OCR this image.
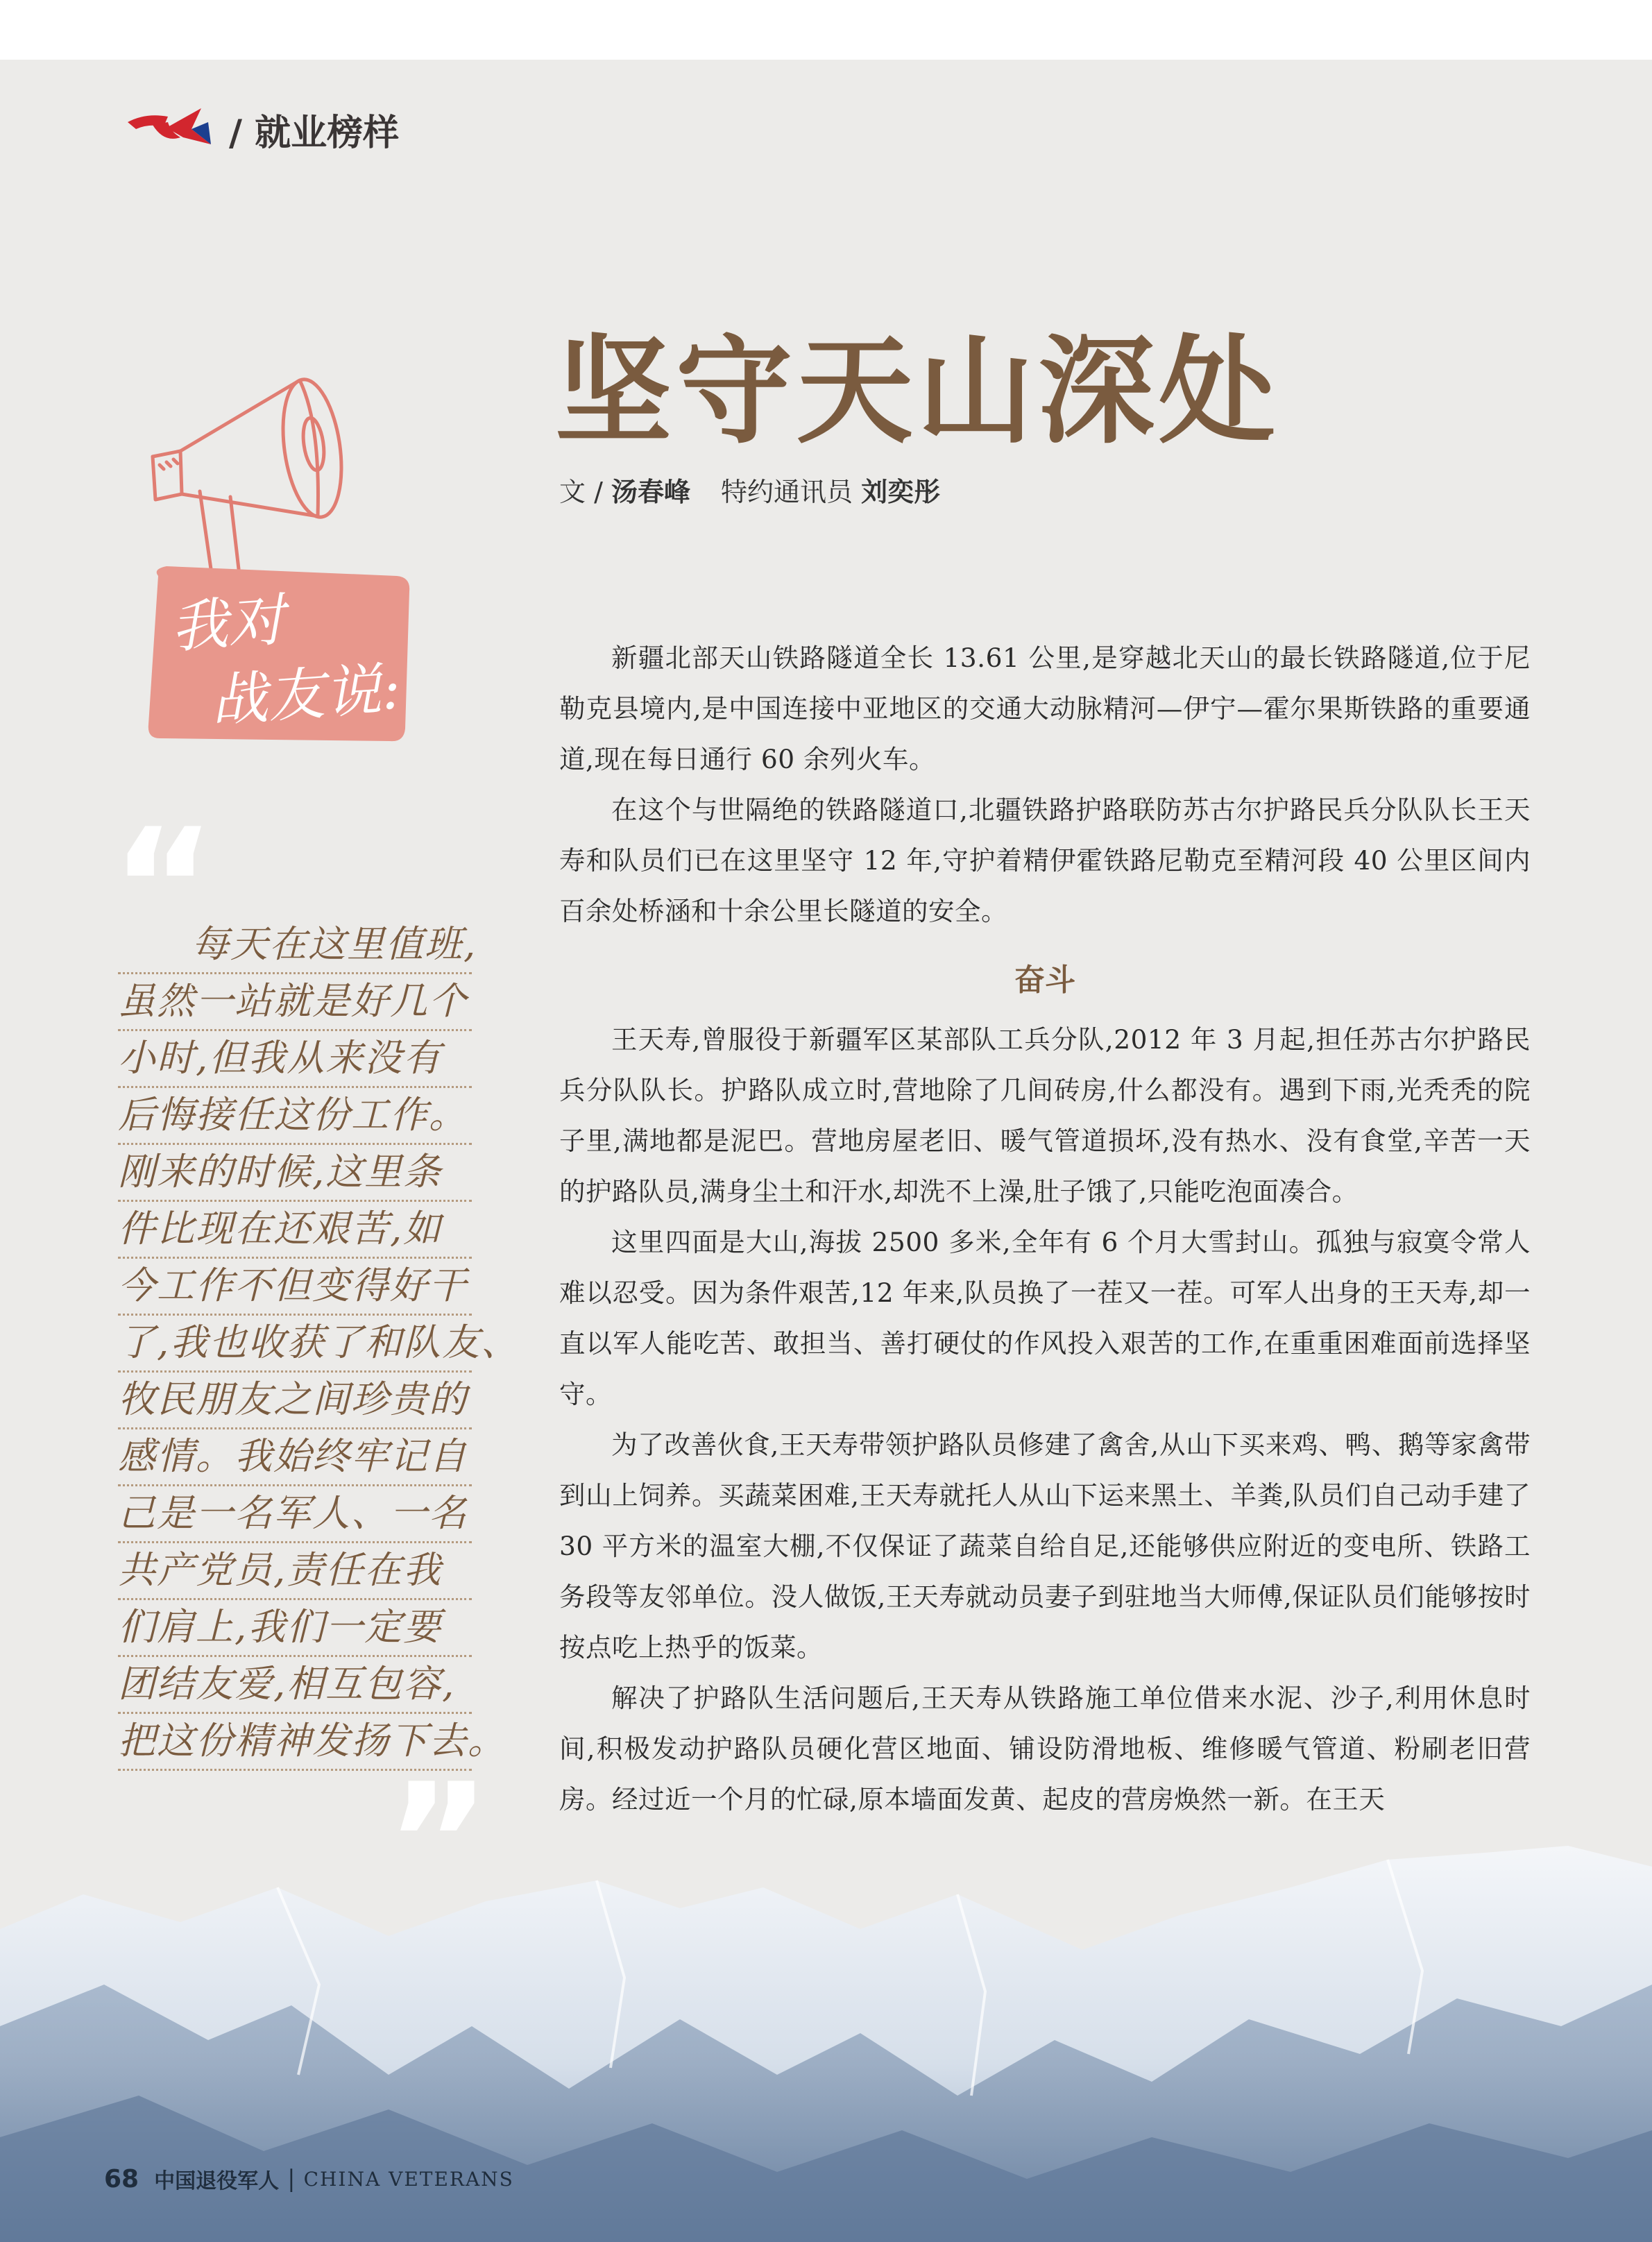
/ 就业榜样
我对
战友说:
“
每天在这里值班,
虽然一站就是好几个
小时,但我从来没有
后悔接任这份工作。
刚来的时候,这里条
件比现在还艰苦,如
今工作不但变得好干
了,我也收获了和队友、
牧民朋友之间珍贵的
感情。我始终牢记自
己是一名军人、一名
共产党员,责任在我
们肩上,我们一定要
团结友爱,相互包容,
把这份精神发扬下去。
”
坚守天山深处
文 / 汤春峰 特约通讯员 刘奕彤

新疆北部天山铁路隧道全长 13.61 公里,是穿越北天山的最长铁路隧道,位于尼勒克县境内,是中国连接中亚地区的交通大动脉精河—伊宁—霍尔果斯铁路的重要通道,现在每日通行 60 余列火车。

在这个与世隔绝的铁路隧道口,北疆铁路护路联防苏古尔护路民兵分队队长王天寿和队员们已在这里坚守 12 年,守护着精伊霍铁路尼勒克至精河段 40 公里区间内百余处桥涵和十余公里长隧道的安全。

奋斗

王天寿,曾服役于新疆军区某部队工兵分队,2012 年 3 月起,担任苏古尔护路民兵分队队长。护路队成立时,营地除了几间砖房,什么都没有。遇到下雨,光秃秃的院子里,满地都是泥巴。营地房屋老旧、暖气管道损坏,没有热水、没有食堂,辛苦一天的护路队员,满身尘土和汗水,却洗不上澡,肚子饿了,只能吃泡面凑合。

这里四面是大山,海拔 2500 多米,全年有 6 个月大雪封山。孤独与寂寞令常人难以忍受。因为条件艰苦,12 年来,队员换了一茬又一茬。可军人出身的王天寿,却一直以军人能吃苦、敢担当、善打硬仗的作风投入艰苦的工作,在重重困难面前选择坚守。

为了改善伙食,王天寿带领护路队员修建了禽舍,从山下买来鸡、鸭、鹅等家禽带到山上饲养。买蔬菜困难,王天寿就托人从山下运来黑土、羊粪,队员们自己动手建了 30 平方米的温室大棚,不仅保证了蔬菜自给自足,还能够供应附近的变电所、铁路工务段等友邻单位。没人做饭,王天寿就动员妻子到驻地当大师傅,保证队员们能够按时按点吃上热乎的饭菜。

解决了护路队生活问题后,王天寿从铁路施工单位借来水泥、沙子,利用休息时间,积极发动护路队员硬化营区地面、铺设防滑地板、维修暖气管道、粉刷老旧营房。经过近一个月的忙碌,原本墙面发黄、起皮的营房焕然一新。在王天

68 中国退役军人 | CHINA VETERANS
